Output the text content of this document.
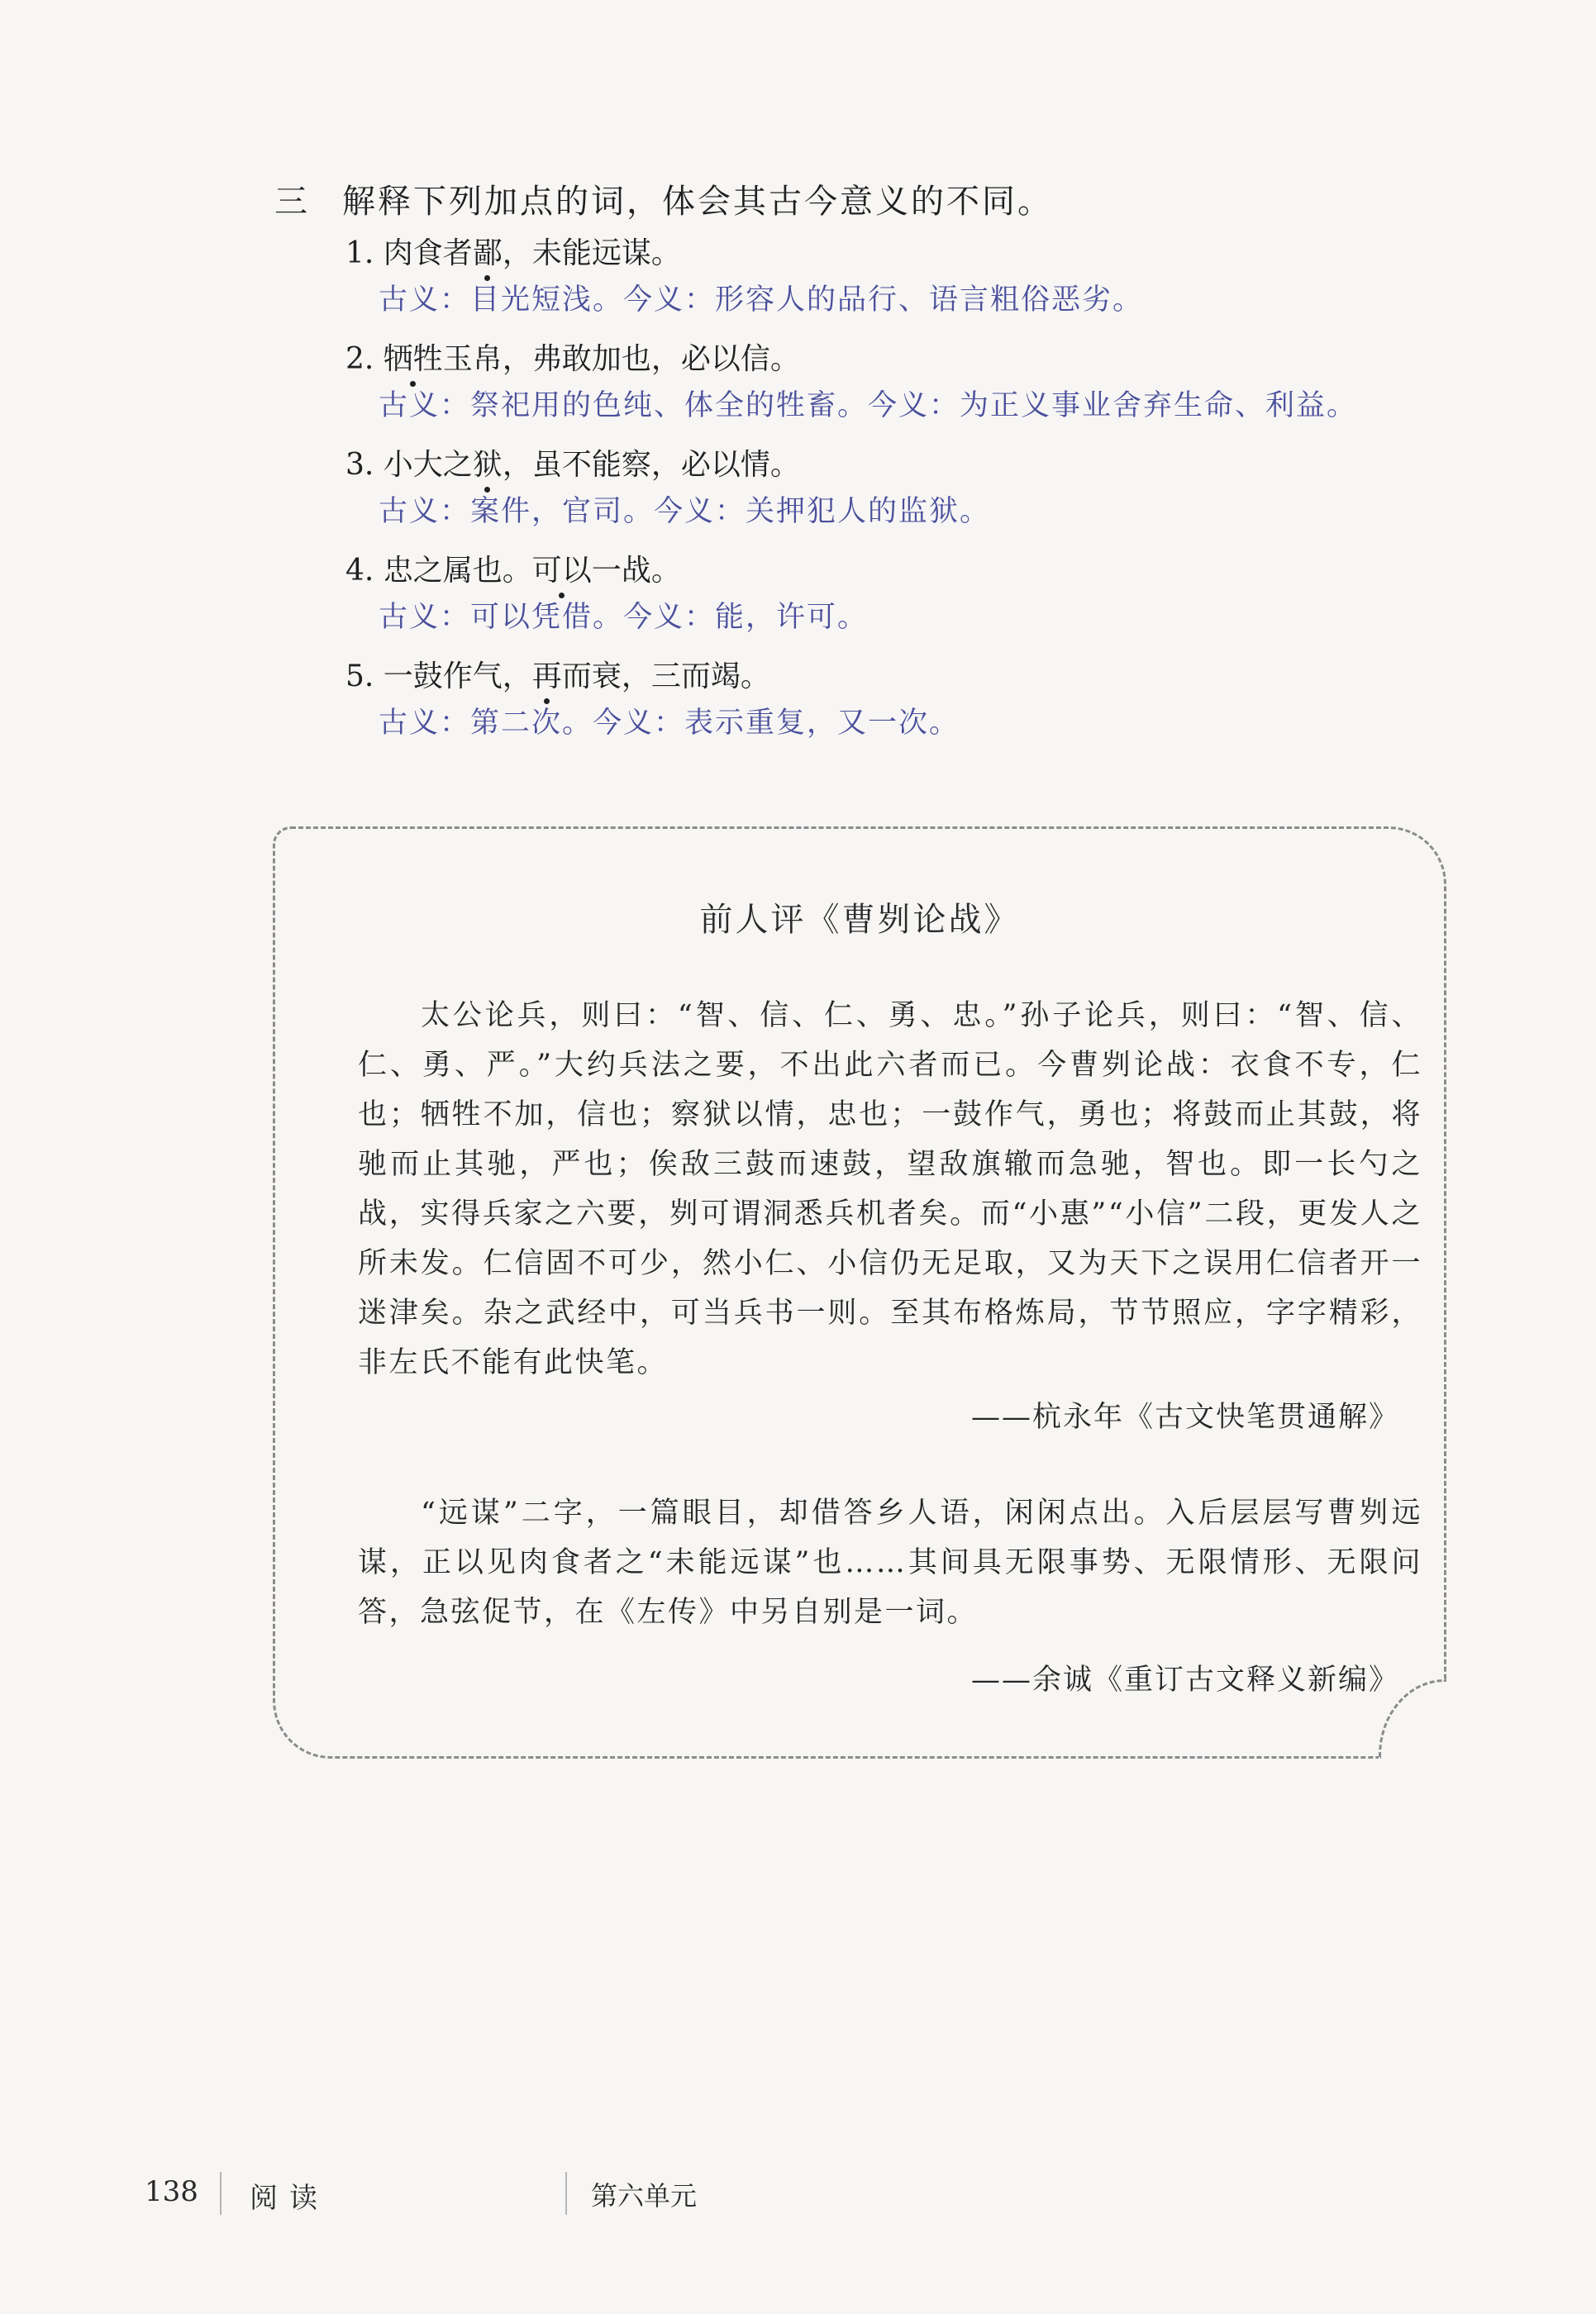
三 解释下列加点的词，体会其古今意义的不同。
1. 肉食者鄙，未能远谋。
古义：目光短浅。今义：形容人的品行、语言粗俗恶劣。
2. 牺牲玉帛，弗敢加也，必以信。
古义：祭祀用的色纯、体全的牲畜。今义：为正义事业舍弃生命、利益。
3. 小大之狱，虽不能察，必以情。
古义：案件，官司。今义：关押犯人的监狱。
4. 忠之属也。可以一战。
古义：可以凭借。今义：能，许可。
5. 一鼓作气，再而衰，三而竭。
古义：第二次。今义：表示重复，又一次。
前人评《曹刿论战》
太公论兵，则曰：“智、信、仁、勇、忠。”孙子论兵，则曰：“智、信、仁、勇、严。”大约兵法之要，不出此六者而已。今曹刿论战：衣食不专，仁也；牺牲不加，信也；察狱以情，忠也；一鼓作气，勇也；将鼓而止其鼓，将驰而止其驰，严也；俟敌三鼓而速鼓，望敌旗辙而急驰，智也。即一长勺之战，实得兵家之六要，刿可谓洞悉兵机者矣。而“小惠”“小信”二段，更发人之所未发。仁信固不可少，然小仁、小信仍无足取，又为天下之误用仁信者开一迷津矣。杂之武经中，可当兵书一则。至其布格炼局，节节照应，字字精彩，非左氏不能有此快笔。
——杭永年《古文快笔贯通解》
“远谋”二字，一篇眼目，却借答乡人语，闲闲点出。入后层层写曹刿远谋，正以见肉食者之“未能远谋”也……其间具无限事势、无限情形、无限问答，急弦促节，在《左传》中另自别是一词。
——余诚《重订古文释义新编》
138 阅读	第六单元
